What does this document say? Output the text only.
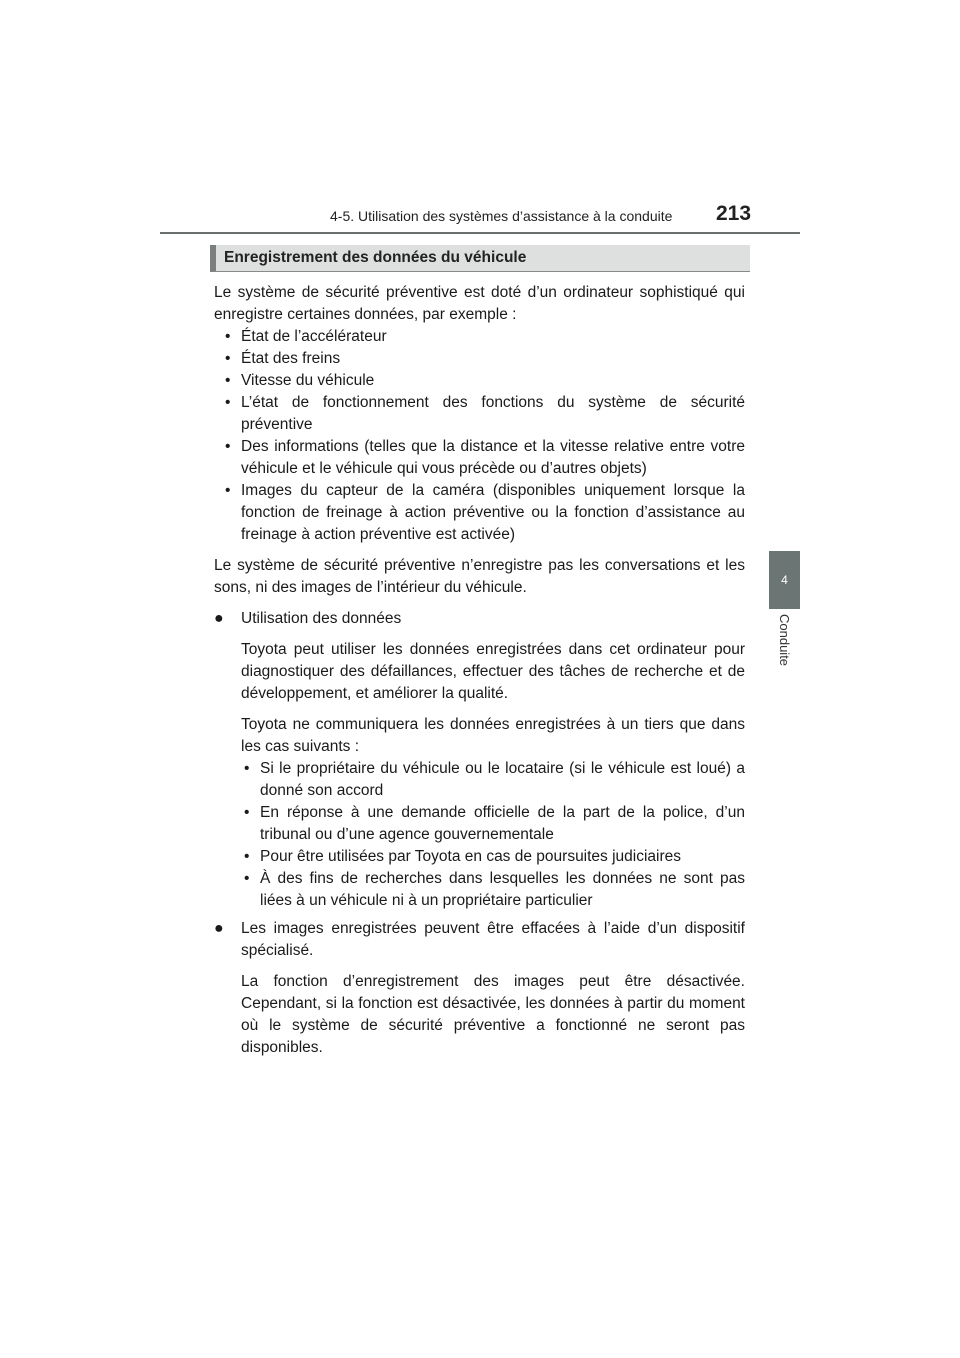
4-5. Utilisation des systèmes d’assistance à la conduite 213
4
Conduite
Enregistrement des données du véhicule

Le système de sécurité préventive est doté d’un ordinateur sophistiqué qui enregistre certaines données, par exemple :

• État de l’accélérateur

• État des freins

• Vitesse du véhicule

• L’état de fonctionnement des fonctions du système de sécurité préventive

• Des informations (telles que la distance et la vitesse relative entre votre véhicule et le véhicule qui vous précède ou d’autres objets)

• Images du capteur de la caméra (disponibles uniquement lorsque la fonction de freinage à action préventive ou la fonction d’assistance au freinage à action préventive est activée)

Le système de sécurité préventive n’enregistre pas les conversations et les sons, ni des images de l’intérieur du véhicule.

● Utilisation des données

Toyota peut utiliser les données enregistrées dans cet ordinateur pour diagnostiquer des défaillances, effectuer des tâches de recherche et de développement, et améliorer la qualité.

Toyota ne communiquera les données enregistrées à un tiers que dans les cas suivants :

• Si le propriétaire du véhicule ou le locataire (si le véhicule est loué) a donné son accord

• En réponse à une demande officielle de la part de la police, d’un tribunal ou d’une agence gouvernementale

• Pour être utilisées par Toyota en cas de poursuites judiciaires

• À des fins de recherches dans lesquelles les données ne sont pas liées à un véhicule ni à un propriétaire particulier

● Les images enregistrées peuvent être effacées à l’aide d’un dispositif spécialisé.

La fonction d’enregistrement des images peut être désactivée. Cependant, si la fonction est désactivée, les données à partir du moment où le système de sécurité préventive a fonctionné ne seront pas disponibles.
